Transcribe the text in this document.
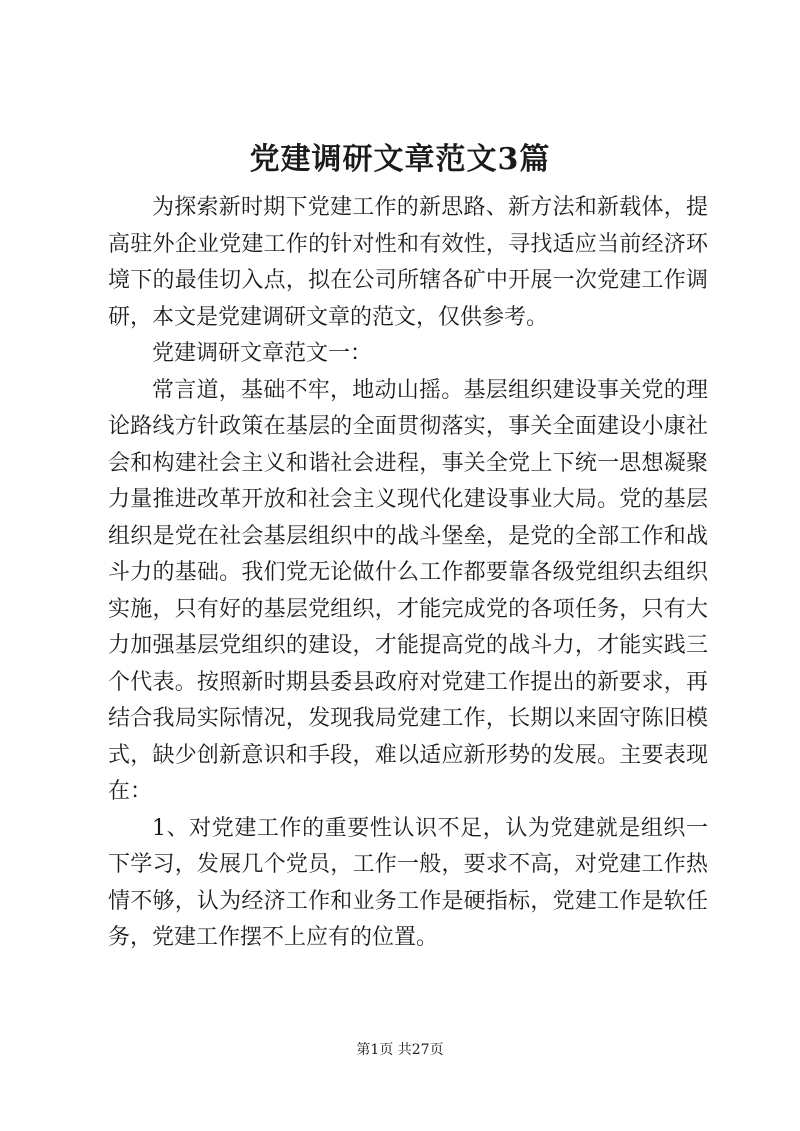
党建调研文章范文3篇

为探索新时期下党建工作的新思路、新方法和新载体，提高驻外企业党建工作的针对性和有效性，寻找适应当前经济环境下的最佳切入点，拟在公司所辖各矿中开展一次党建工作调研，本文是党建调研文章的范文，仅供参考。

党建调研文章范文一：

常言道，基础不牢，地动山摇。基层组织建设事关党的理论路线方针政策在基层的全面贯彻落实，事关全面建设小康社会和构建社会主义和谐社会进程，事关全党上下统一思想凝聚力量推进改革开放和社会主义现代化建设事业大局。党的基层组织是党在社会基层组织中的战斗堡垒，是党的全部工作和战斗力的基础。我们党无论做什么工作都要靠各级党组织去组织实施，只有好的基层党组织，才能完成党的各项任务，只有大力加强基层党组织的建设，才能提高党的战斗力，才能实践三个代表。按照新时期县委县政府对党建工作提出的新要求，再结合我局实际情况，发现我局党建工作，长期以来固守陈旧模式，缺少创新意识和手段，难以适应新形势的发展。主要表现在：

1、对党建工作的重要性认识不足，认为党建就是组织一下学习，发展几个党员，工作一般，要求不高，对党建工作热情不够，认为经济工作和业务工作是硬指标，党建工作是软任务，党建工作摆不上应有的位置。

第1页 共27页
